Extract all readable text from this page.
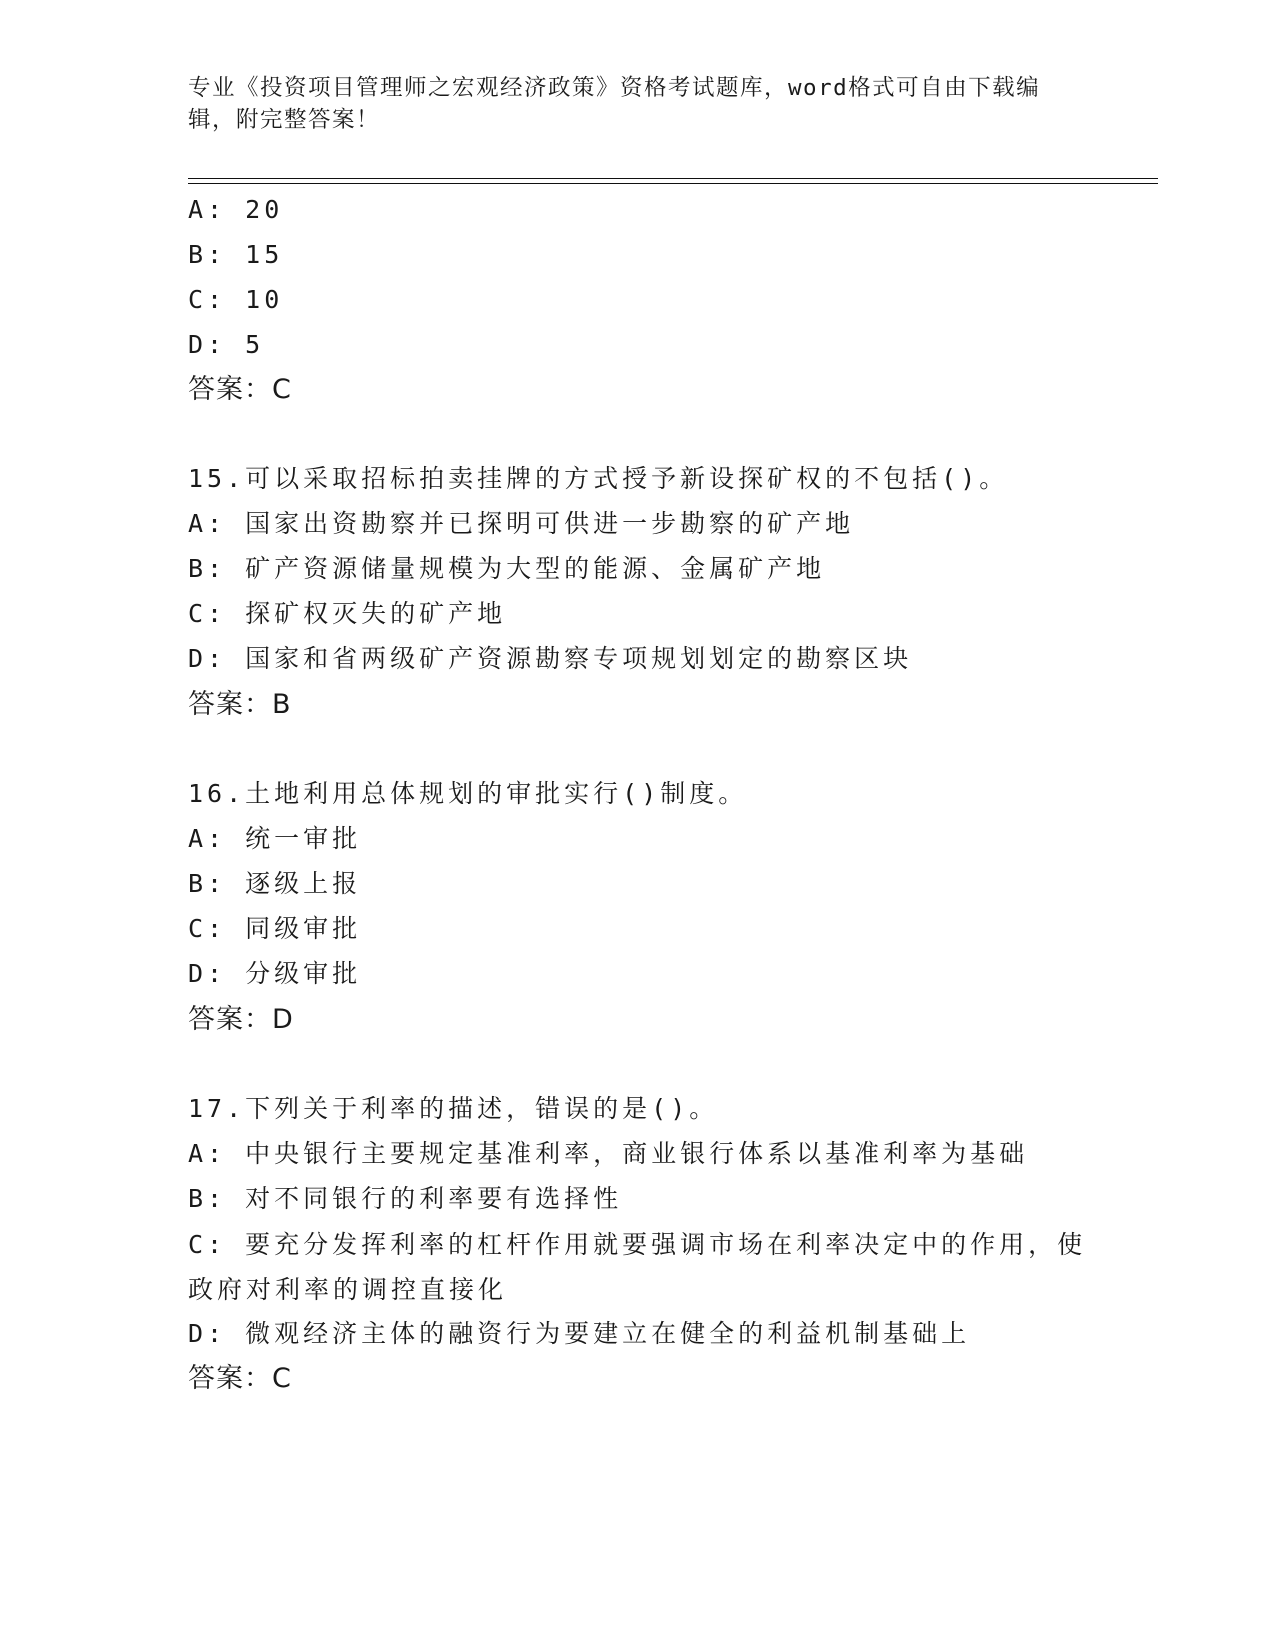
专业《投资项目管理师之宏观经济政策》资格考试题库，word格式可自由下载编辑，附完整答案！
A: 20
B: 15
C: 10
D: 5
答案：C
15.可以采取招标拍卖挂牌的方式授予新设探矿权的不包括()。
A: 国家出资勘察并已探明可供进一步勘察的矿产地
B: 矿产资源储量规模为大型的能源、金属矿产地
C: 探矿权灭失的矿产地
D: 国家和省两级矿产资源勘察专项规划划定的勘察区块
答案：B
16.土地利用总体规划的审批实行()制度。
A: 统一审批
B: 逐级上报
C: 同级审批
D: 分级审批
答案：D
17.下列关于利率的描述，错误的是()。
A: 中央银行主要规定基准利率，商业银行体系以基准利率为基础
B: 对不同银行的利率要有选择性
C: 要充分发挥利率的杠杆作用就要强调市场在利率决定中的作用，使政府对利率的调控直接化
D: 微观经济主体的融资行为要建立在健全的利益机制基础上
答案：C
